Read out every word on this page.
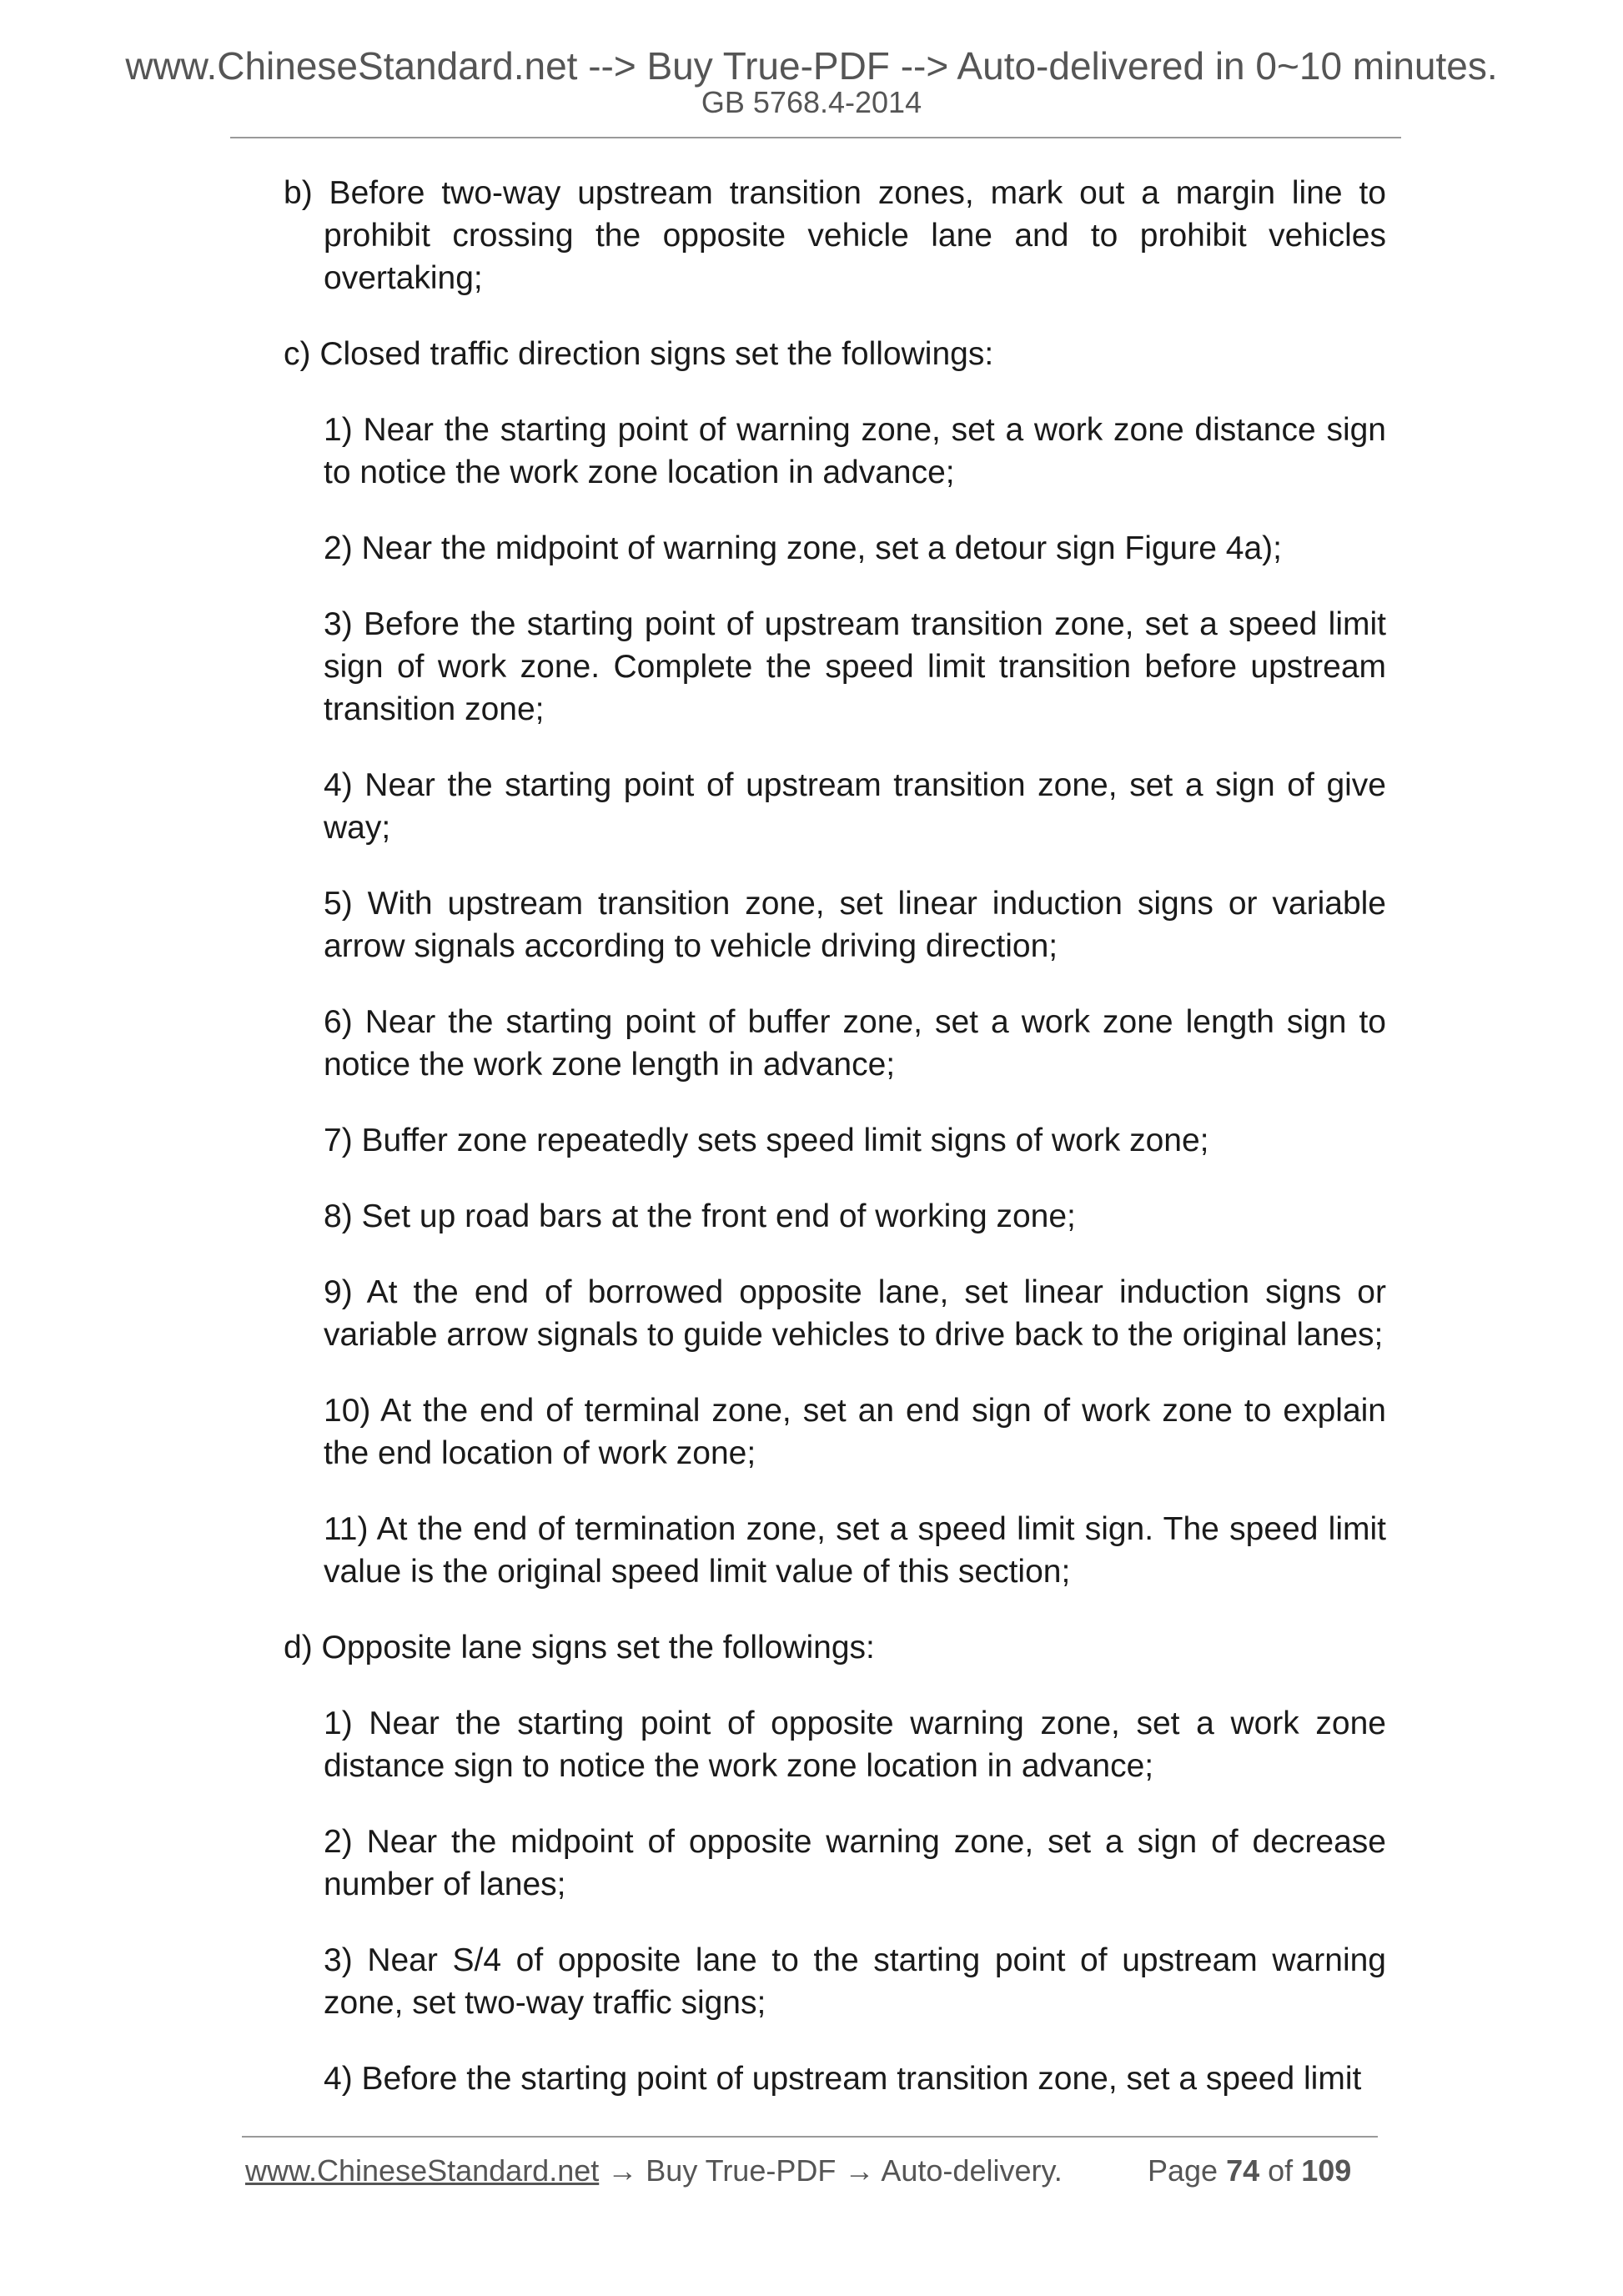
www.ChineseStandard.net --> Buy True-PDF --> Auto-delivered in 0~10 minutes.
GB 5768.4-2014

b) Before two-way upstream transition zones, mark out a margin line to prohibit crossing the opposite vehicle lane and to prohibit vehicles overtaking;

c) Closed traffic direction signs set the followings:

1) Near the starting point of warning zone, set a work zone distance sign to notice the work zone location in advance;

2) Near the midpoint of warning zone, set a detour sign Figure 4a);

3) Before the starting point of upstream transition zone, set a speed limit sign of work zone. Complete the speed limit transition before upstream transition zone;

4) Near the starting point of upstream transition zone, set a sign of give way;

5) With upstream transition zone, set linear induction signs or variable arrow signals according to vehicle driving direction;

6) Near the starting point of buffer zone, set a work zone length sign to notice the work zone length in advance;

7) Buffer zone repeatedly sets speed limit signs of work zone;

8) Set up road bars at the front end of working zone;

9) At the end of borrowed opposite lane, set linear induction signs or variable arrow signals to guide vehicles to drive back to the original lanes;

10) At the end of terminal zone, set an end sign of work zone to explain the end location of work zone;

11) At the end of termination zone, set a speed limit sign. The speed limit value is the original speed limit value of this section;

d) Opposite lane signs set the followings:

1) Near the starting point of opposite warning zone, set a work zone distance sign to notice the work zone location in advance;

2) Near the midpoint of opposite warning zone, set a sign of decrease number of lanes;

3) Near S/4 of opposite lane to the starting point of upstream warning zone, set two-way traffic signs;

4) Before the starting point of upstream transition zone, set a speed limit

www.ChineseStandard.net → Buy True-PDF → Auto-delivery.	Page 74 of 109
